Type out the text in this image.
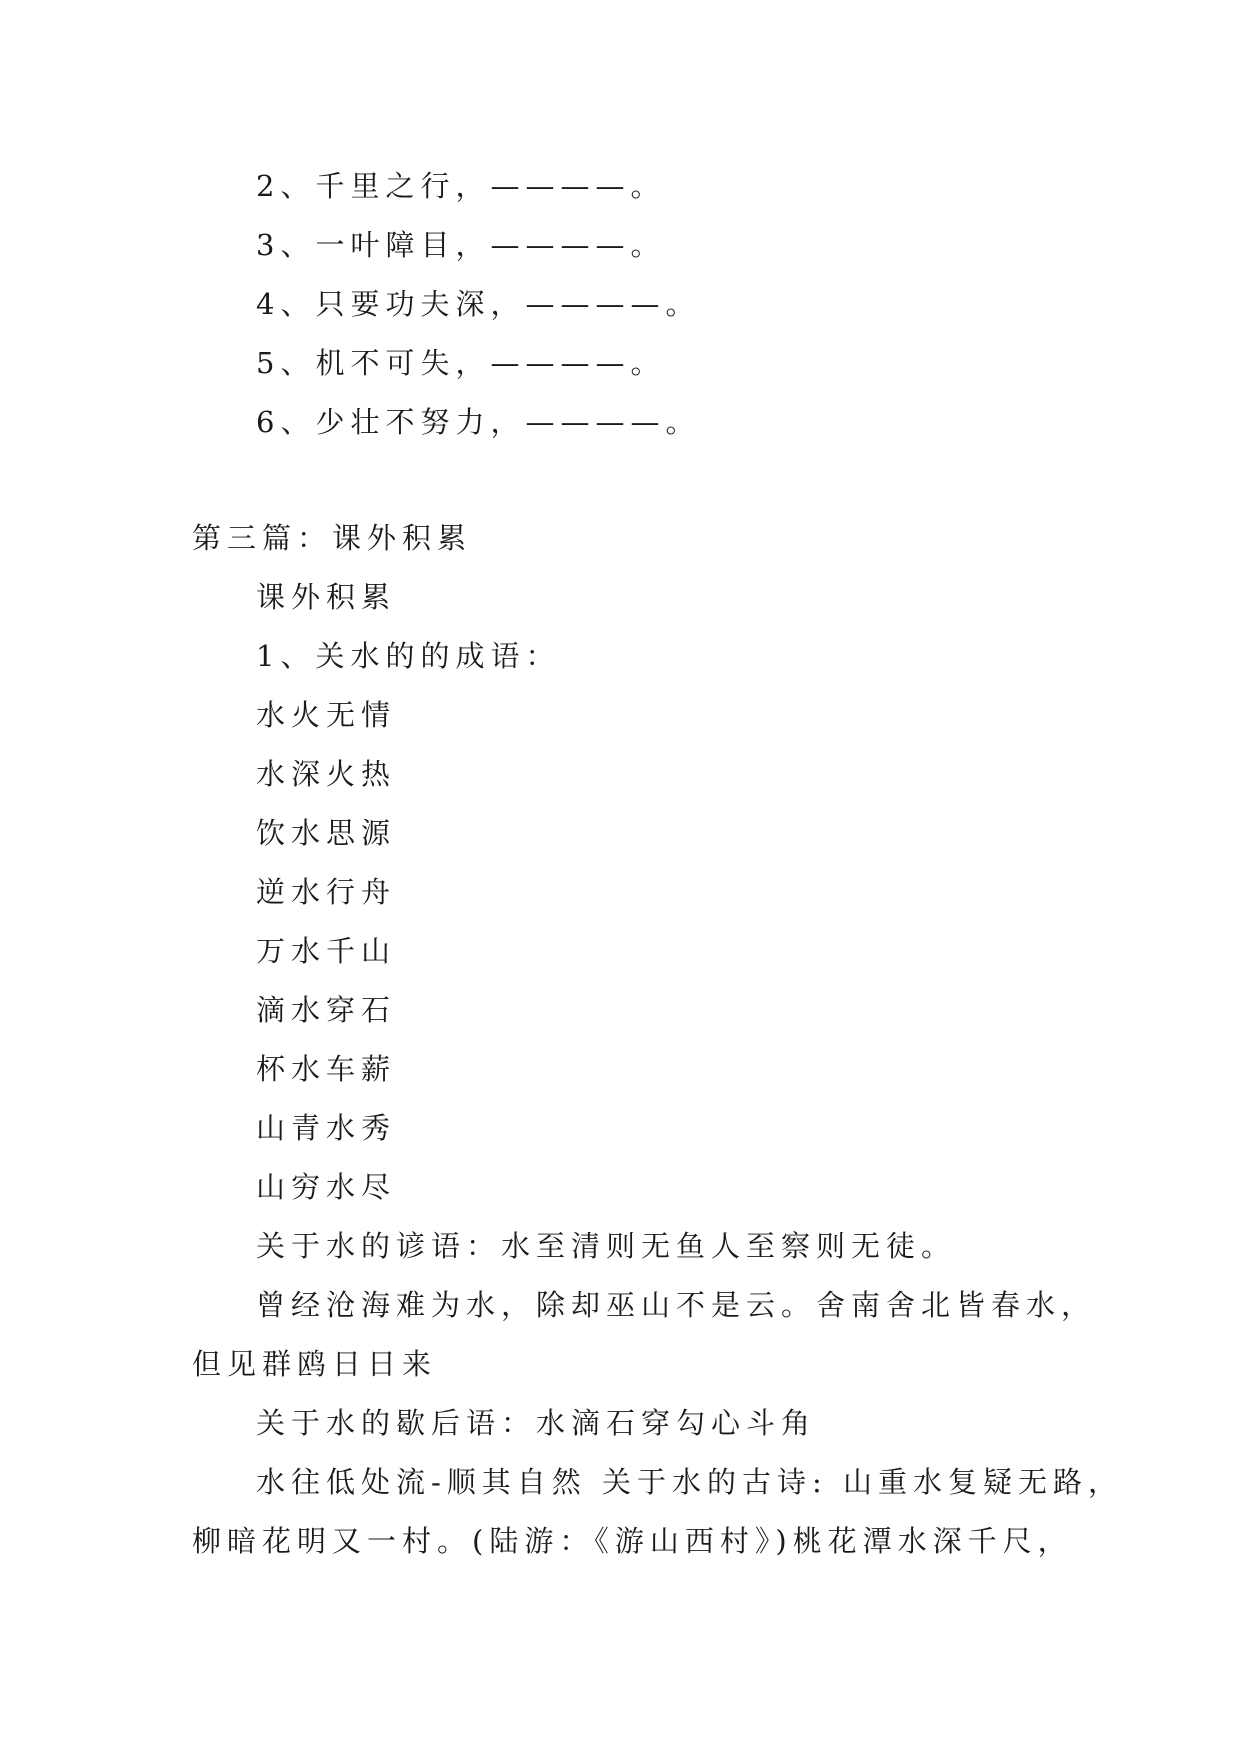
2、千里之行，————。
3、一叶障目，————。
4、只要功夫深，————。
5、机不可失，————。
6、少壮不努力，————。
第三篇：课外积累
课外积累
1、关水的的成语：
水火无情
水深火热
饮水思源
逆水行舟
万水千山
滴水穿石
杯水车薪
山青水秀
山穷水尽
关于水的谚语：水至清则无鱼人至察则无徒。
曾经沧海难为水，除却巫山不是云。舍南舍北皆春水，
但见群鸥日日来
关于水的歇后语：水滴石穿勾心斗角
水往低处流-顺其自然 关于水的古诗: 山重水复疑无路，
柳暗花明又一村。(陆游：《游山西村》)桃花潭水深千尺，
